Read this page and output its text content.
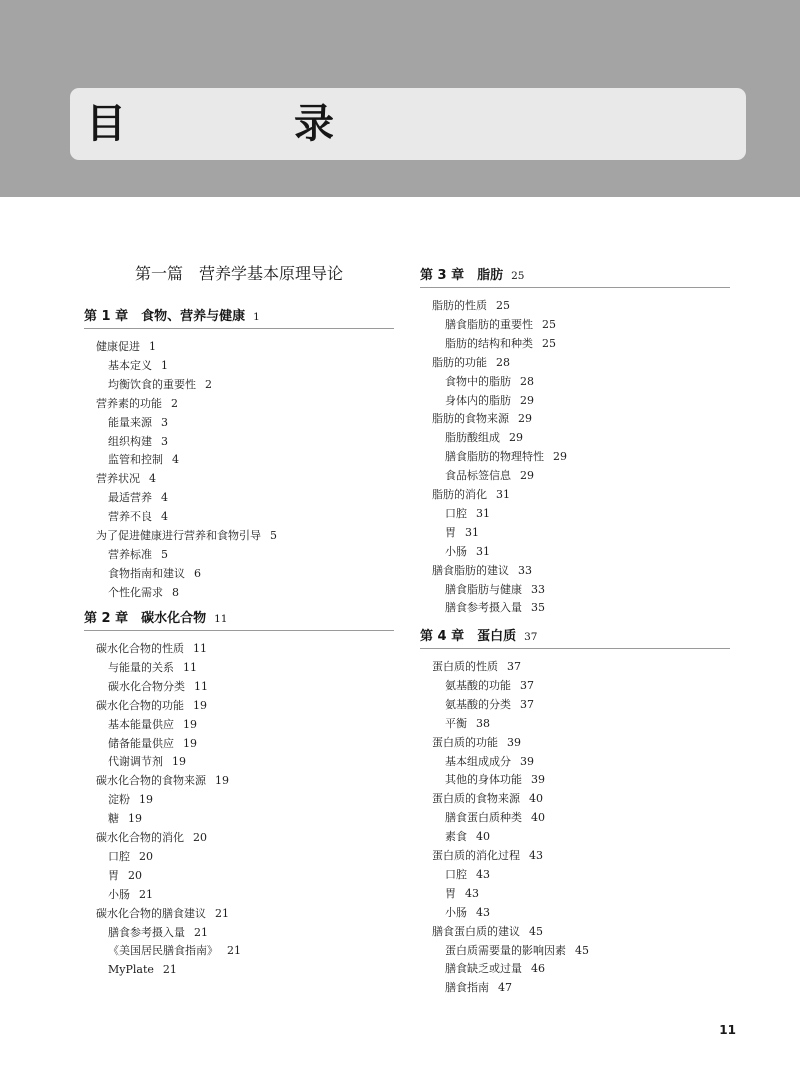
目　录
第一篇　营养学基本原理导论
第 1 章　食物、营养与健康 1
健康促进 1
基本定义 1
均衡饮食的重要性 2
营养素的功能 2
能量来源 3
组织构建 3
监管和控制 4
营养状况 4
最适营养 4
营养不良 4
为了促进健康进行营养和食物引导 5
营养标准 5
食物指南和建议 6
个性化需求 8
第 2 章　碳水化合物 11
碳水化合物的性质 11
与能量的关系 11
碳水化合物分类 11
碳水化合物的功能 19
基本能量供应 19
储备能量供应 19
代谢调节剂 19
碳水化合物的食物来源 19
淀粉 19
糖 19
碳水化合物的消化 20
口腔 20
胃 20
小肠 21
碳水化合物的膳食建议 21
膳食参考摄入量 21
《美国居民膳食指南》 21
MyPlate 21
第 3 章　脂肪 25
脂肪的性质 25
膳食脂肪的重要性 25
脂肪的结构和种类 25
脂肪的功能 28
食物中的脂肪 28
身体内的脂肪 29
脂肪的食物来源 29
脂肪酸组成 29
膳食脂肪的物理特性 29
食品标签信息 29
脂肪的消化 31
口腔 31
胃 31
小肠 31
膳食脂肪的建议 33
膳食脂肪与健康 33
膳食参考摄入量 35
第 4 章　蛋白质 37
蛋白质的性质 37
氨基酸的功能 37
氨基酸的分类 37
平衡 38
蛋白质的功能 39
基本组成成分 39
其他的身体功能 39
蛋白质的食物来源 40
膳食蛋白质种类 40
素食 40
蛋白质的消化过程 43
口腔 43
胃 43
小肠 43
膳食蛋白质的建议 45
蛋白质需要量的影响因素 45
膳食缺乏或过量 46
膳食指南 47
11
